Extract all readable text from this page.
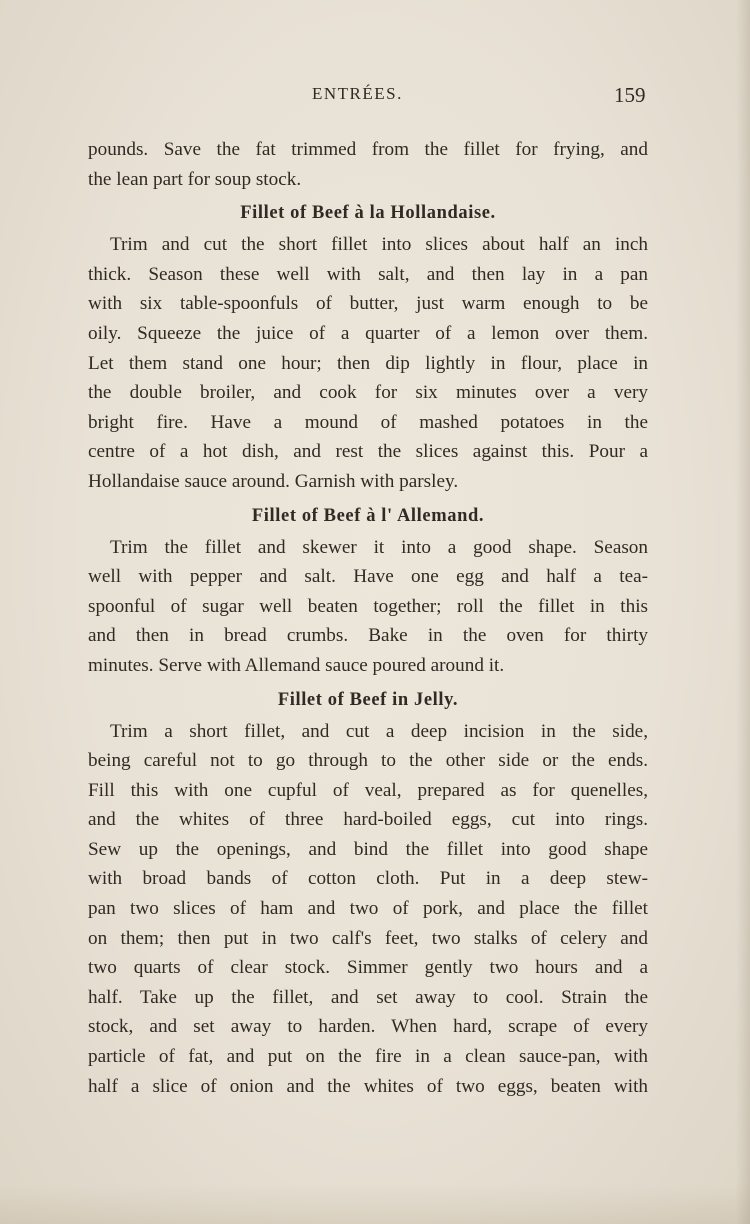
ENTRÉES.	159
pounds. Save the fat trimmed from the fillet for frying, and
the lean part for soup stock.
Fillet of Beef à la Hollandaise.
Trim and cut the short fillet into slices about half an inch
thick. Season these well with salt, and then lay in a pan
with six table-spoonfuls of butter, just warm enough to be
oily. Squeeze the juice of a quarter of a lemon over them.
Let them stand one hour; then dip lightly in flour, place in
the double broiler, and cook for six minutes over a very
bright fire. Have a mound of mashed potatoes in the
centre of a hot dish, and rest the slices against this. Pour a
Hollandaise sauce around. Garnish with parsley.
Fillet of Beef à l' Allemand.
Trim the fillet and skewer it into a good shape. Season
well with pepper and salt. Have one egg and half a tea-
spoonful of sugar well beaten together; roll the fillet in this
and then in bread crumbs. Bake in the oven for thirty
minutes. Serve with Allemand sauce poured around it.
Fillet of Beef in Jelly.
Trim a short fillet, and cut a deep incision in the side,
being careful not to go through to the other side or the ends.
Fill this with one cupful of veal, prepared as for quenelles,
and the whites of three hard-boiled eggs, cut into rings.
Sew up the openings, and bind the fillet into good shape
with broad bands of cotton cloth. Put in a deep stew-
pan two slices of ham and two of pork, and place the fillet
on them; then put in two calf's feet, two stalks of celery and
two quarts of clear stock. Simmer gently two hours and a
half. Take up the fillet, and set away to cool. Strain the
stock, and set away to harden. When hard, scrape of every
particle of fat, and put on the fire in a clean sauce-pan, with
half a slice of onion and the whites of two eggs, beaten with
